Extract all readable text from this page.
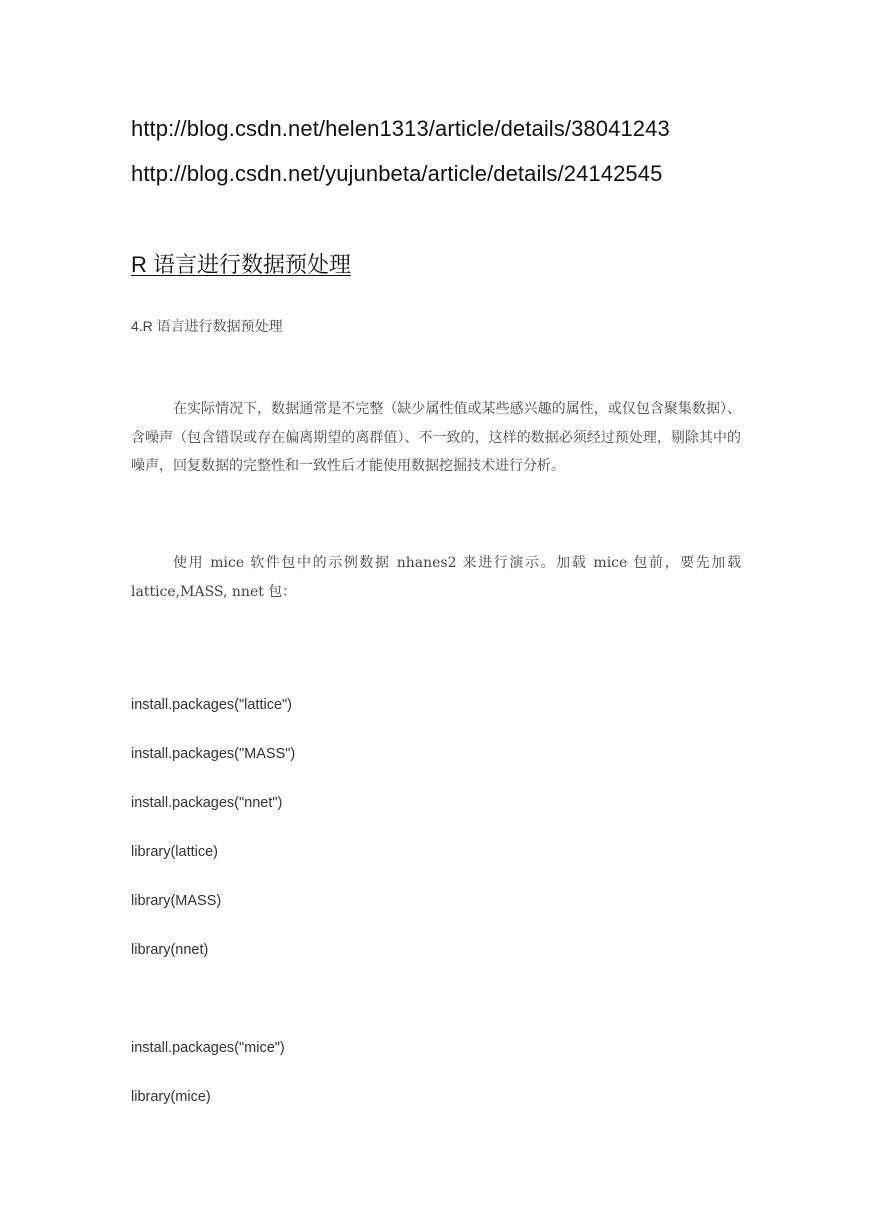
http://blog.csdn.net/helen1313/article/details/38041243
http://blog.csdn.net/yujunbeta/article/details/24142545
R 语言进行数据预处理
4.R 语言进行数据预处理

在实际情况下，数据通常是不完整（缺少属性值或某些感兴趣的属性，或仅包含聚集数据）、含噪声（包含错误或存在偏离期望的离群值）、不一致的，这样的数据必须经过预处理，剔除其中的噪声，回复数据的完整性和一致性后才能使用数据挖掘技术进行分析。

使用 mice 软件包中的示例数据 nhanes2 来进行演示。加载 mice 包前，要先加载 lattice,MASS, nnet 包：

install.packages("lattice")
install.packages("MASS")
install.packages("nnet")
library(lattice)
library(MASS)
library(nnet)
install.packages("mice")
library(mice)
